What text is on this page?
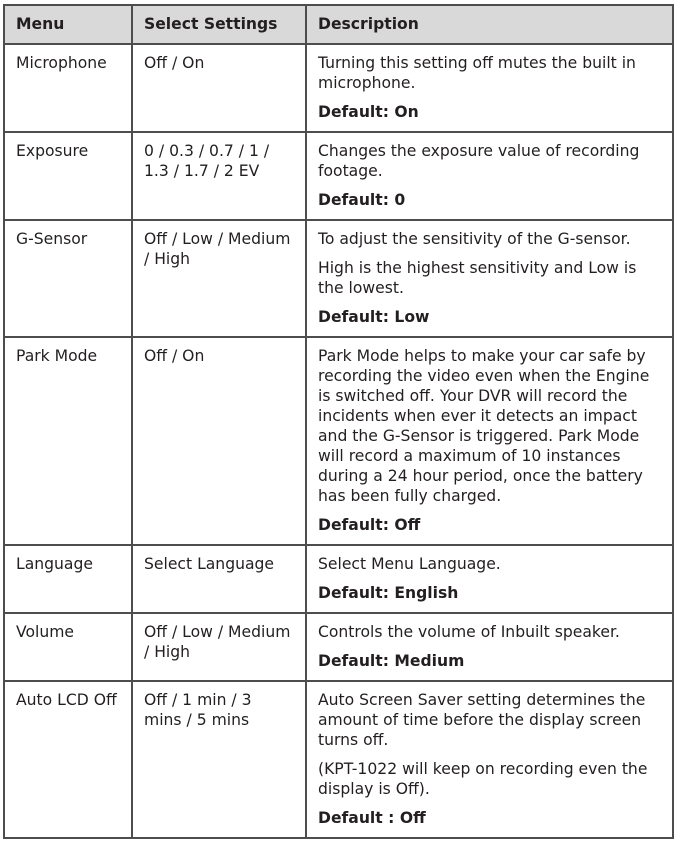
Menu	Select Settings	Description
Microphone	Off / On	Turning this setting off mutes the built in microphone.

Default: On

Exposure	0 / 0.3 / 0.7 / 1 / 1.3 / 1.7 / 2 EV	Changes the exposure value of recording footage.

Default: 0

G-Sensor	Off / Low / Medium / High	To adjust the sensitivity of the G-sensor.

High is the highest sensitivity and Low is the lowest.

Default: Low

Park Mode	Off / On	Park Mode helps to make your car safe by recording the video even when the Engine is switched off. Your DVR will record the incidents when ever it detects an impact and the G-Sensor is triggered. Park Mode will record a maximum of 10 instances during a 24 hour period, once the battery has been fully charged.

Default: Off

Language	Select Language	Select Menu Language.

Default: English

Volume	Off / Low / Medium / High	Controls the volume of Inbuilt speaker.

Default: Medium

Auto LCD Off	Off / 1 min / 3 mins / 5 mins	Auto Screen Saver setting determines the amount of time before the display screen turns off.

(KPT-1022 will keep on recording even the display is Off).

Default : Off
